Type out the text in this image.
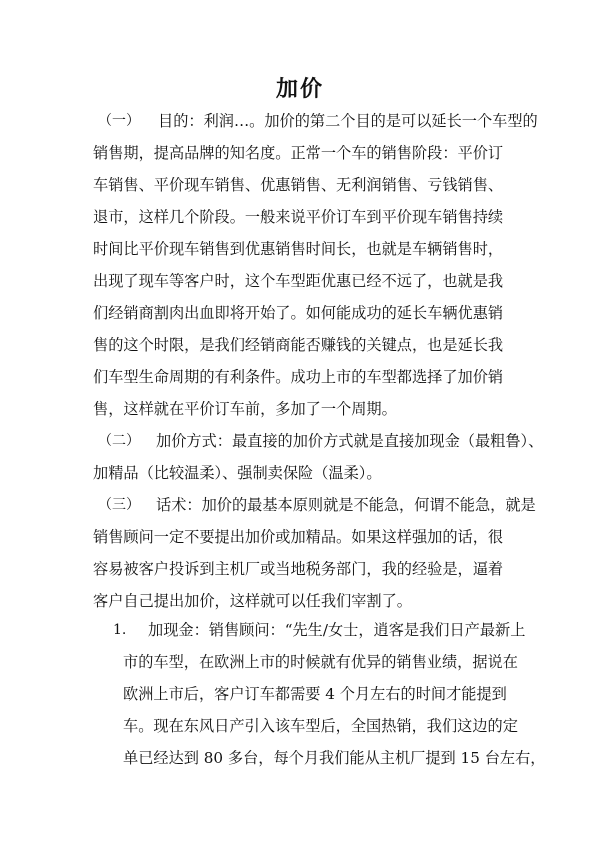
加价
（一） 目的：利润…。加价的第二个目的是可以延长一个车型的
销售期，提高品牌的知名度。正常一个车的销售阶段：平价订
车销售、平价现车销售、优惠销售、无利润销售、亏钱销售、
退市，这样几个阶段。一般来说平价订车到平价现车销售持续
时间比平价现车销售到优惠销售时间长，也就是车辆销售时，
出现了现车等客户时，这个车型距优惠已经不远了，也就是我
们经销商割肉出血即将开始了。如何能成功的延长车辆优惠销
售的这个时限，是我们经销商能否赚钱的关键点，也是延长我
们车型生命周期的有利条件。成功上市的车型都选择了加价销
售，这样就在平价订车前，多加了一个周期。
（二） 加价方式：最直接的加价方式就是直接加现金（最粗鲁）、
加精品（比较温柔）、强制卖保险（温柔）。
（三） 话术：加价的最基本原则就是不能急，何谓不能急，就是
销售顾问一定不要提出加价或加精品。如果这样强加的话，很
容易被客户投诉到主机厂或当地税务部门，我的经验是，逼着
客户自己提出加价，这样就可以任我们宰割了。
1. 加现金：销售顾问：“先生/女士，逍客是我们日产最新上
市的车型，在欧洲上市的时候就有优异的销售业绩，据说在
欧洲上市后，客户订车都需要 4 个月左右的时间才能提到
车。现在东风日产引入该车型后，全国热销，我们这边的定
单已经达到 80 多台，每个月我们能从主机厂提到 15 台左右，
